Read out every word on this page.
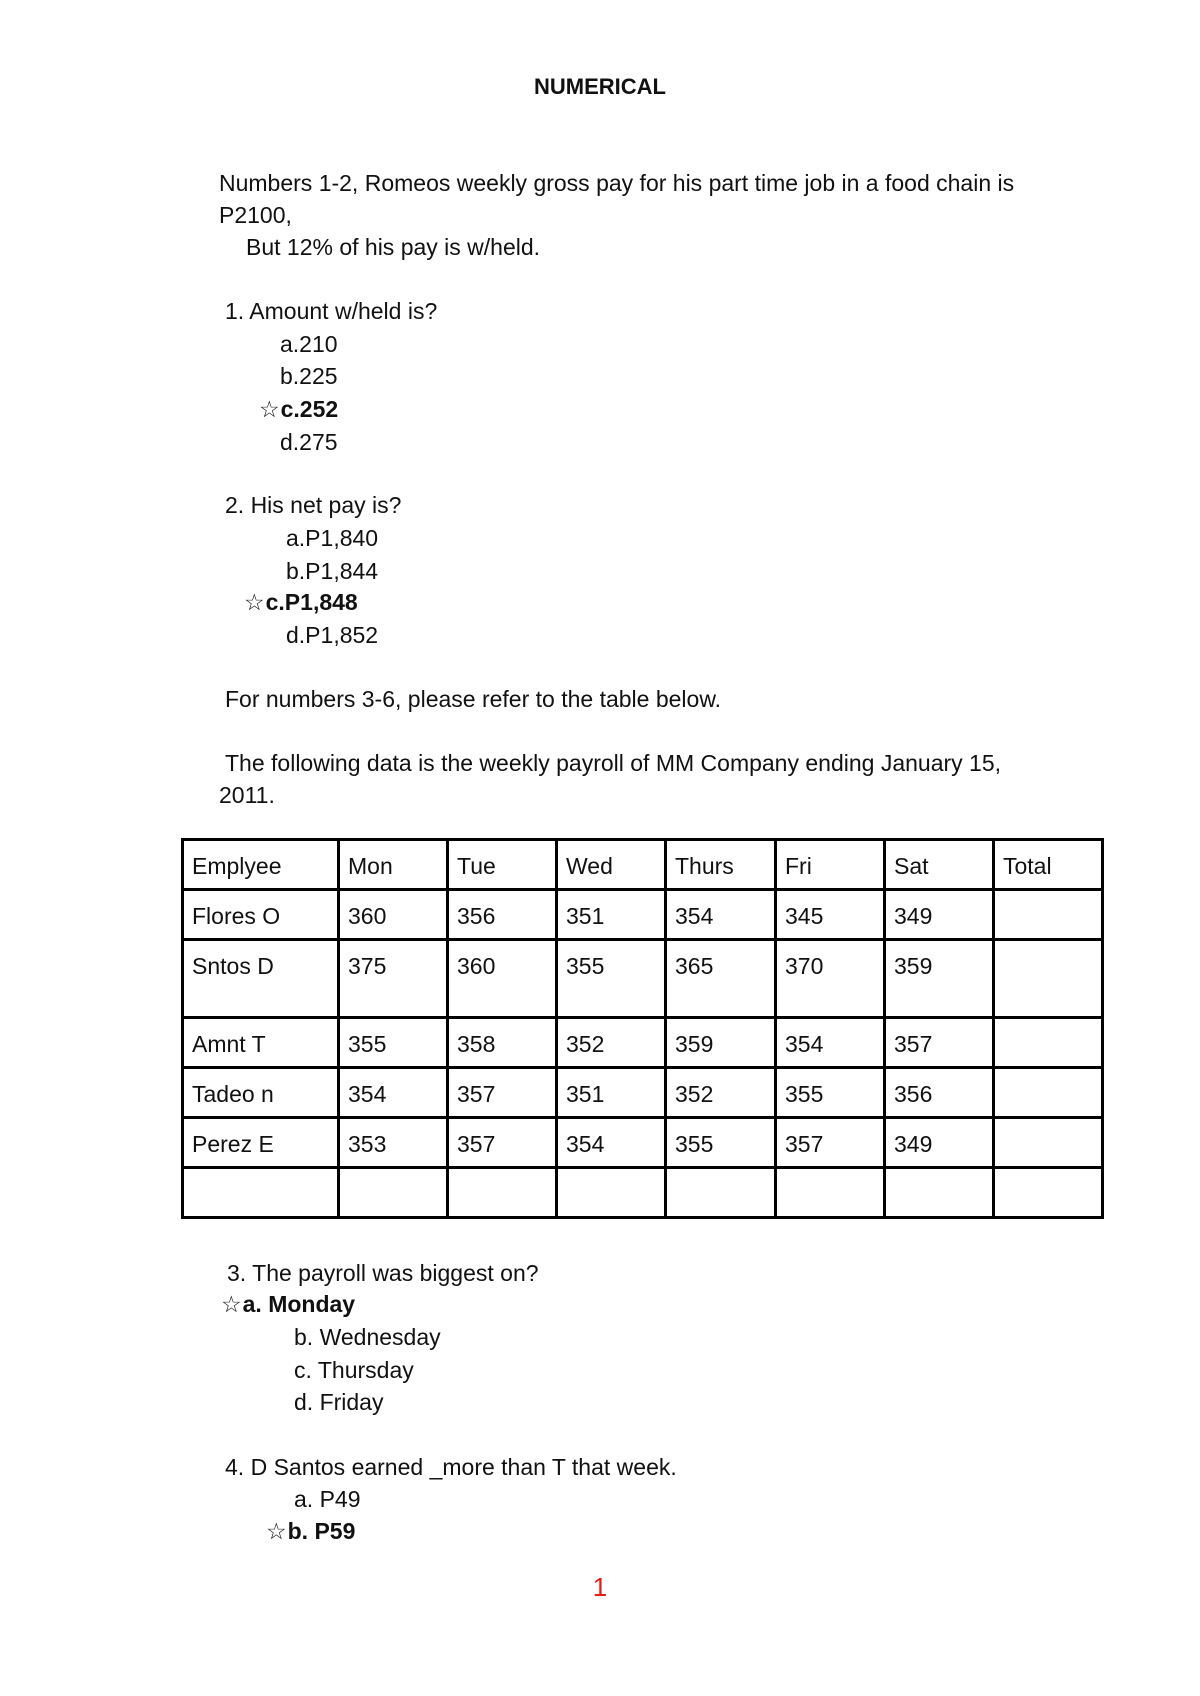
NUMERICAL
Numbers 1-2, Romeos weekly gross pay for his part time job in a food chain is
P2100,
But 12% of his pay is w/held.
1. Amount w/held is?
a.210
b.225
☆c.252
d.275
2. His net pay is?
a.P1,840
b.P1,844
☆c.P1,848
d.P1,852
For numbers 3-6, please refer to the table below.
The following data is the weekly payroll of MM Company ending January 15,
2011.
Emplyee	Mon	Tue	Wed	Thurs	Fri	Sat	Total
Flores O	360	356	351	354	345	349	
Sntos D	375	360	355	365	370	359	
Amnt T	355	358	352	359	354	357	
Tadeo n	354	357	351	352	355	356	
Perez E	353	357	354	355	357	349	

3. The payroll was biggest on?
☆a. Monday
b. Wednesday
c. Thursday
d. Friday
4. D Santos earned _more than T that week.
a. P49
☆b. P59
1
